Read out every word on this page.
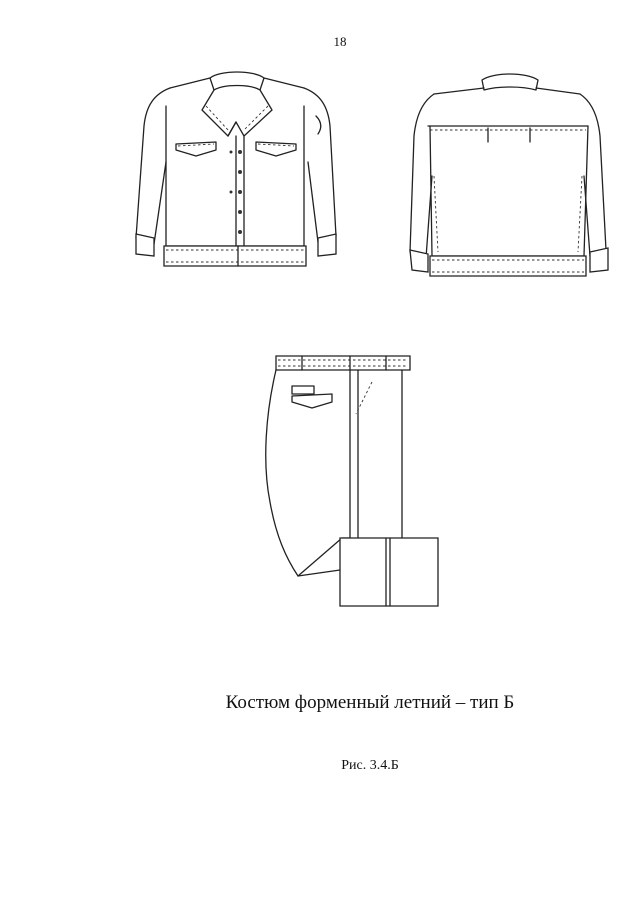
18
Костюм формeнный летний – тип Б
Рис. 3.4.Б
